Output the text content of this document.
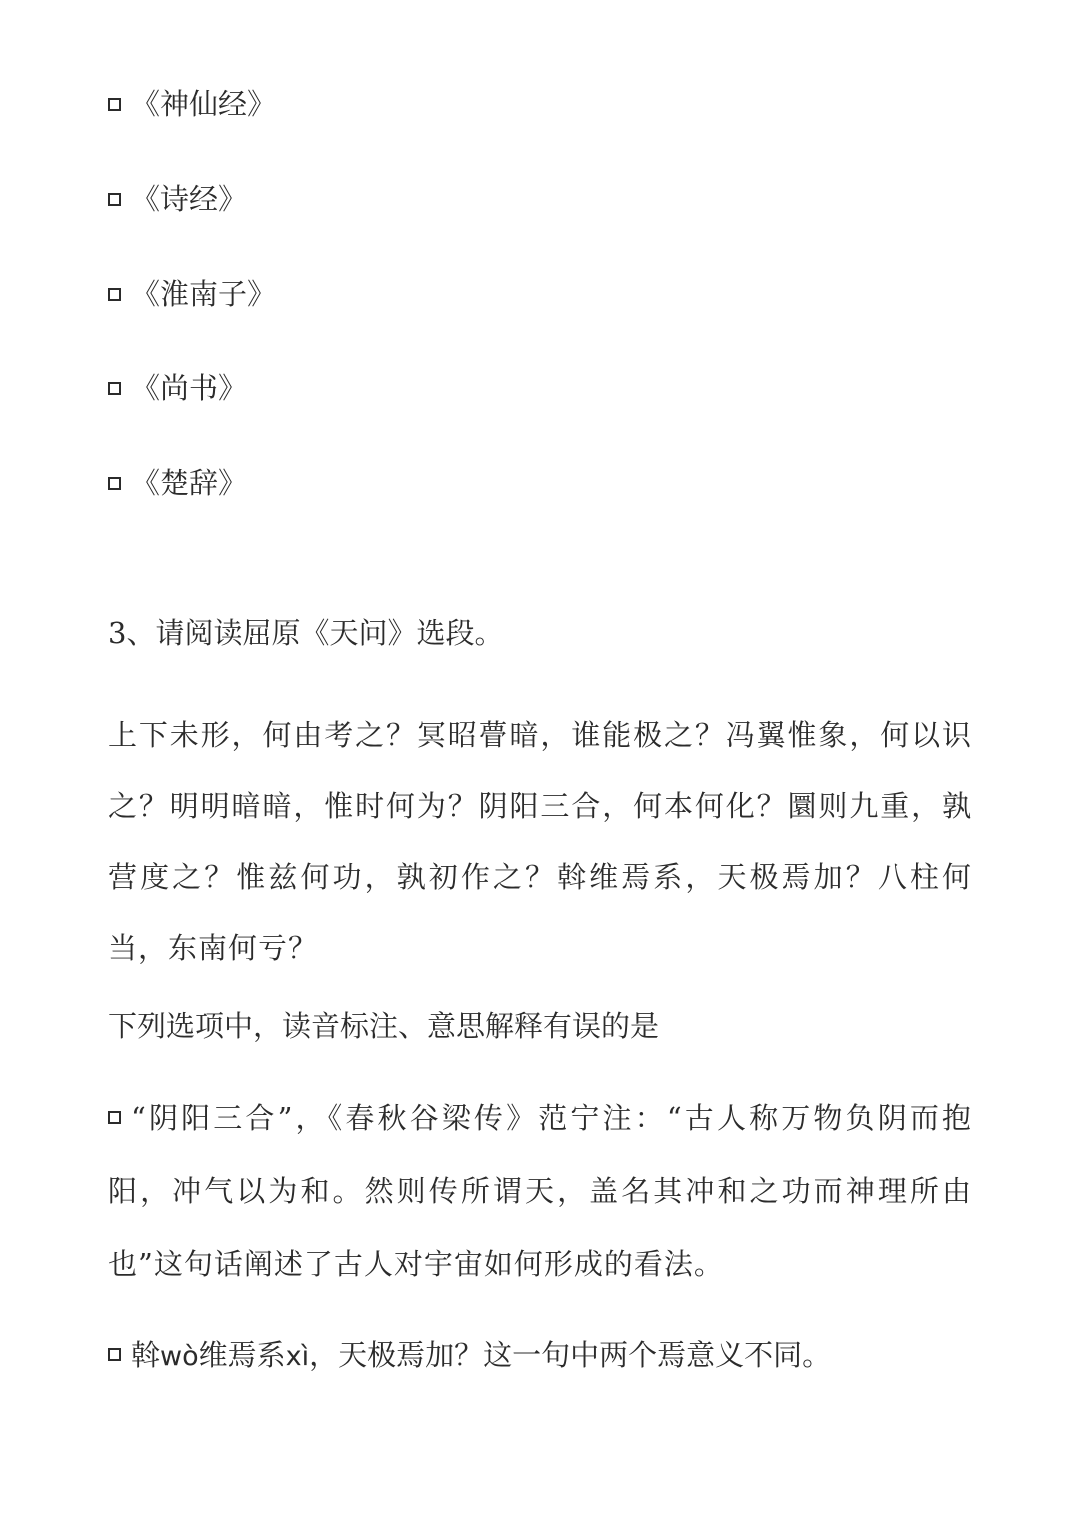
《神仙经》
《诗经》
《淮南子》
《尚书》
《楚辞》
3、请阅读屈原《天问》选段。
上下未形，何由考之？冥昭瞢暗，谁能极之？冯翼惟象，何以识之？明明暗暗，惟时何为？阴阳三合，何本何化？圜则九重，孰营度之？惟兹何功，孰初作之？斡维焉系，天极焉加？八柱何当，东南何亏？
下列选项中，读音标注、意思解释有误的是
“阴阳三合”，《春秋谷梁传》范宁注：“古人称万物负阴而抱阳，冲气以为和。然则传所谓天，盖名其冲和之功而神理所由也”这句话阐述了古人对宇宙如何形成的看法。
斡wò维焉系xì，天极焉加？这一句中两个焉意义不同。
